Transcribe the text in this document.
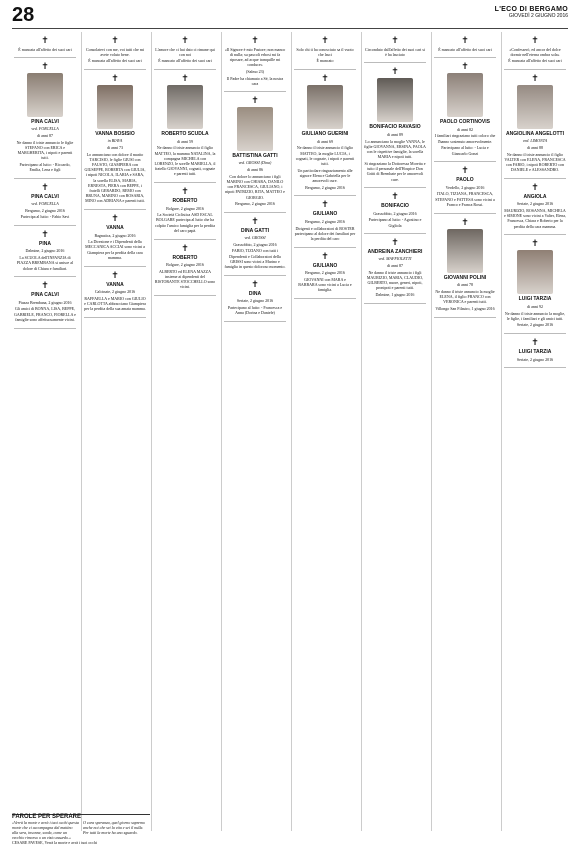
28	L'ECO DI BERGAMO
GIOVEDÌ 2 GIUGNO 2016
✝
È mancata all'affetto dei suoi cari
✝
PINA CALVI
ved. FORCELLA
di anni 87
Ne danno il triste annuncio le figlie STEFANO con ERICA e MARGHERITA, i nipoti e parenti tutti.
Partecipano al lutto: - Riccardo, Emilia, Lena e figli
✝
PINA CALVI
ved. FORCELLA
Bergamo, 2 giugno 2016
Partecipa al lutto: - Fabio Savi
✝
PINA
Dalmine, 2 giugno 2016
La SCUOLA dell'INFANZIA di PIAZZA BREMBANA si unisce al dolore di Chiara e familiari.
✝
PINA CALVI
Piazza Brembana, 2 giugno 2016
Gli amici di BONNA, LISA, BEPPE, GABRIELE, FRANCO, FIORELLA e famiglie sono affettuosamente vicini.
✝
Consolatevi con me, voi tutti che mi avete voluto bene.
È mancata all'affetto dei suoi cari
✝
VANNA BOSISIO
in BIAVA
di anni 73
Lo annunciano con dolore il marito TARCISIO, le figlie GIUSI con FAUSTO, GIAMPIERA con GIUSEPPE, ROBERTA con GIULIA, i nipoti NICOLA, ILARIA e SARA, la sorella ELISA, MARIA, ERNESTA, PIERA con BEPPE, i fratelli GERARDO, REMO con BRUNA, MARINO con ROSARIA, MINO con ADRIANA e parenti tutti.
✝
VANNA
Bagnatica, 2 giugno 2016
La Direzione e i Dipendenti della MECCANICA ACCIAI sono vicini a Giampiera per la perdita della cara mamma.
✝
VANNA
Calcinate, 2 giugno 2016
RAFFAELLA e MARIO con GIULIO e CARLOTTA abbracciano Giampiera per la perdita della sua amata mamma.
✝
L'amore che ci hai dato ci rimane qui con noi
È mancato all'affetto dei suoi cari
✝
ROBERTO SCUDLA
di anni 59
Ne danno il triste annuncio il figlio MATTEO, la mamma NATALINA, la compagna MICHELA con LORENZO, le sorelle MARIELLA, il fratello GIOVANNI, cognati, cognate e parenti tutti.
✝
ROBERTO
Bolgare, 2 giugno 2016
La Società Ciclistica ASD ESCAL BOLGARE partecipa al lutto che ha colpito l'amico famiglia per la perdita del caro papà.
✝
ROBERTO
Bolgare, 2 giugno 2016
ALBERTO ed ELENA MAZZA insieme ai dipendenti del RISTORANTE STOCCHELLO sono vicini.
✝
«Il Signore è mio Pastore; non manco di nulla; su pascoli erbosi mi fa riposare, ad acque tranquille mi conduce»
(Salmo 23)
Il Padre ha chiamato a Sé, la nostra cara
✝
BATTISTINA GATTI
ved. GROSSI (Dina)
di anni 86
Con dolore lo annunciano i figli MARINO con CHIARA, DANILO con FRANCESCA, GIULIANO, i nipoti PATRIZIO, RITA, MATTEO e GIORGIO.
Bergamo, 2 giugno 2016
✝
DINA GATTI
ved. GROSSI
Grassobbio, 2 giugno 2016
FABIO, TIZIANO con tutti i Dipendenti e Collaboratori della GRISSI sono vicini a Marino e famiglia in questo doloroso momento.
✝
DINA
Seriate, 2 giugno 2016
Partecipano al lutto: - Francesca e Anna (Dorina e Daniele)
✝
Solo chi ti ha conosciuto sa il vuoto che lasci
È mancato
✝
GIULIANO GUERINI
di anni 69
Ne danno il triste annuncio il figlio MATTEO, la moglie LUCIA, i cognati, le cognate, i nipoti e parenti tutti.
Un particolare ringraziamento alle signore Elena e Gabriella per le amorevoli cure.
Bergamo, 2 giugno 2016
✝
GIULIANO
Bergamo, 2 giugno 2016
Dirigenti e collaboratori di BOSTER partecipano al dolore dei familiari per la perdita del caro
✝
GIULIANO
Bergamo, 2 giugno 2016
GIOVANNI con MARA e BARBARA sono vicini a Lucia e famiglia.
✝
Circondato dall'affetto dei suoi cari si è ha lasciato
✝
BONIFACIO RAVASIO
di anni 89
Lo annunciano la moglie VANNA, le figlie GIOVANNA, ERSINA, PAOLA con le rispettive famiglie, la sorella MARIA e nipoti tutti.
Si ringraziano la Dottoressa Moretta e tutto il personale dell'Hospice Don Gritti di Brembate per le amorevoli cure.
✝
BONIFACIO
Grassobbio, 2 giugno 2016
Partecipano al lutto: - Agostino e Gigliola
✝
ANDREINA ZANCHIERI
ved. MAFFIOLETTI
di anni 87
Ne danno il triste annuncio i figli MAURIZIO, MARIA, CLAUDIO, GILBERTO, nuore, generi, nipoti, pronipoti e parenti tutti.
Dalmine, 1 giugno 2016
✝
È mancato all'affetto dei suoi cari
✝
PAOLO CORTINOVIS
di anni 82
I familiari ringraziano tutti coloro che l'hanno sostenuto amorevolmente.
Partecipano al lutto: - Lucia e Giancarlo Gonzi
✝
PAOLO
Verdello, 2 giugno 2016
ITALO, TIZIANA, FRANCESCA, STEFANO e FATTESA sono vicini a Franco e Franca Rossi.
✝
GIOVANNI POLINI
di anni 78
Ne danno il triste annuncio la moglie ELENA, il figlio FRANCO con VERONICA e parenti tutti.
Villongo San Filastro, 1 giugno 2016
✝
«Confesserò, ed ancor del dolce dormir nell'eterna ombra sola»
È mancata all'affetto dei suoi cari
✝
ANGIOLINA ANGELOTTI
ved. LIMONTA
di anni 88
Ne danno il triste annuncio il figlio VALTER con ELENA, FRANCESCA con FABIO, i nipoti ROBERTO con DANIELE e ALESSANDRO.
✝
ANGIOLA
Seriate, 2 giugno 2016
MAURIZIO, ROSANNA, MICHELA e SIMONE sono vicini a Valter, Elena, Francesca, Chiara e Roberto per la perdita della cara mamma.
✝
LUIGI TARZIA
di anni 92
Ne danno il triste annuncio la moglie, le figlie, i familiari e gli amici tutti.
Seriate, 2 giugno 2016
✝
LUIGI TARZIA
Seriate, 2 giugno 2016
FAROLE PER SPERARE
«Verrà la morte e avrà i tuoi occhi questa morte che ci accompagna dal mattino alla sera, insonne, sorda, come un vecchio rimorso o un vizio assurdo.»
O cara speranza, quel giorno sapremo anche noi che sei la vita e sei il nulla. Per tutti la morte ha uno sguardo.
CESARE PAVESE, Verrà la morte e avrà i tuoi occhi
